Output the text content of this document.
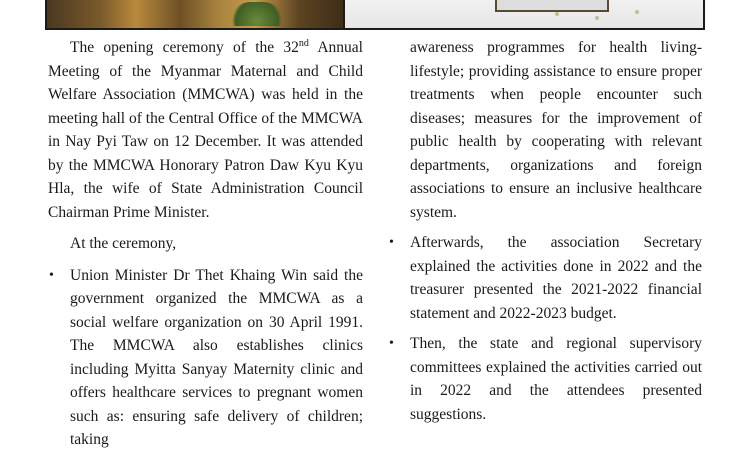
The opening ceremony of the 32nd Annual Meeting of the Myanmar Maternal and Child Welfare Association (MMCWA) was held in the meeting hall of the Central Office of the MMCWA in Nay Pyi Taw on 12 December. It was attended by the MMCWA Honorary Patron Daw Kyu Kyu Hla, the wife of State Administration Council Chairman Prime Minister.

At the ceremony,

• Union Minister Dr Thet Khaing Win said the government organized the MMCWA as a social welfare organization on 30 April 1991. The MMCWA also establishes clinics including Myitta Sanyay Maternity clinic and offers healthcare services to pregnant women such as: ensuring safe delivery of children; taking

awareness programmes for health living-lifestyle; providing assistance to ensure proper treatments when people encounter such diseases; measures for the improvement of public health by cooperating with relevant departments, organizations and foreign associations to ensure an inclusive healthcare system.

• Afterwards, the association Secretary explained the activities done in 2022 and the treasurer presented the 2021-2022 financial statement and 2022-2023 budget.
• Then, the state and regional supervisory committees explained the activities carried out in 2022 and the attendees presented suggestions.
